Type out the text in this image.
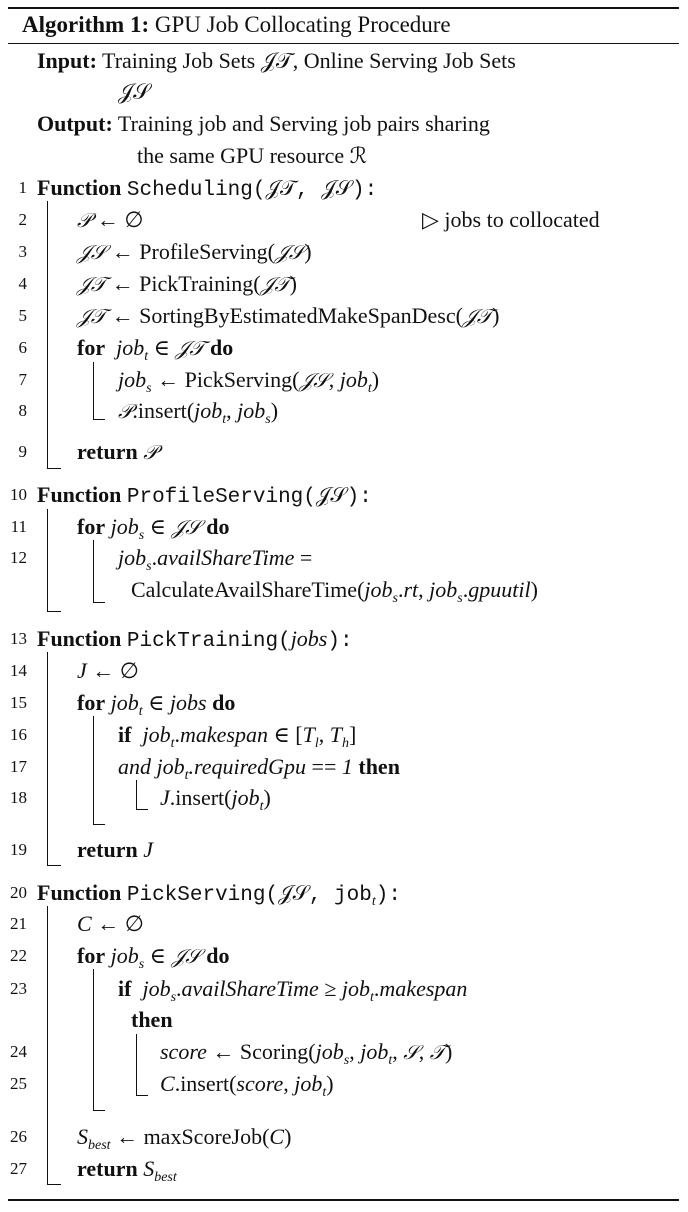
Algorithm 1: GPU Job Collocating Procedure
Input: Training Job Sets 𝒥𝒯, Online Serving Job Sets
𝒥𝒮
Output: Training job and Serving job pairs sharing
the same GPU resource ℛ
1
2
3
4
5
6
7
8
9
10
11
12
13
14
15
16
17
18
19
20
21
22
23
24
25
26
27
Function Scheduling(𝒥𝒯, 𝒥𝒮):
𝒫 ← ∅	▷ jobs to collocated
𝒥𝒮 ← ProfileServing(𝒥𝒮)
𝒥𝒯 ← PickTraining(𝒥𝒯)
𝒥𝒯 ← SortingByEstimatedMakeSpanDesc(𝒥𝒯)
for job$_t$ ∈ 𝒥𝒯 do
job$_s$ ← PickServing(𝒥𝒮, job$_t$)
𝒫.insert(job$_t$, job$_s$)
return 𝒫
Function ProfileServing(𝒥𝒮):
for job$_s$ ∈ 𝒥𝒮 do
job$_s$.availShareTime =
CalculateAvailShareTime(job$_s$.rt, job$_s$.gpuutil)
Function PickTraining(jobs):
J ← ∅
for job$_t$ ∈ jobs do
if job$_t$.makespan ∈ [$T_l$, $T_h$]
and job$_t$.requiredGpu == 1 then
J.insert(job$_t$)
return J
Function PickServing(𝒥𝒮, job$_t$):
C ← ∅
for job$_s$ ∈ 𝒥𝒮 do
if job$_s$.availShareTime ≥ job$_t$.makespan
then
score ← Scoring(job$_s$, job$_t$, 𝒮, 𝒯)
C.insert(score, job$_t$)
$S_{best}$ ← maxScoreJob(C)
return $S_{best}$
